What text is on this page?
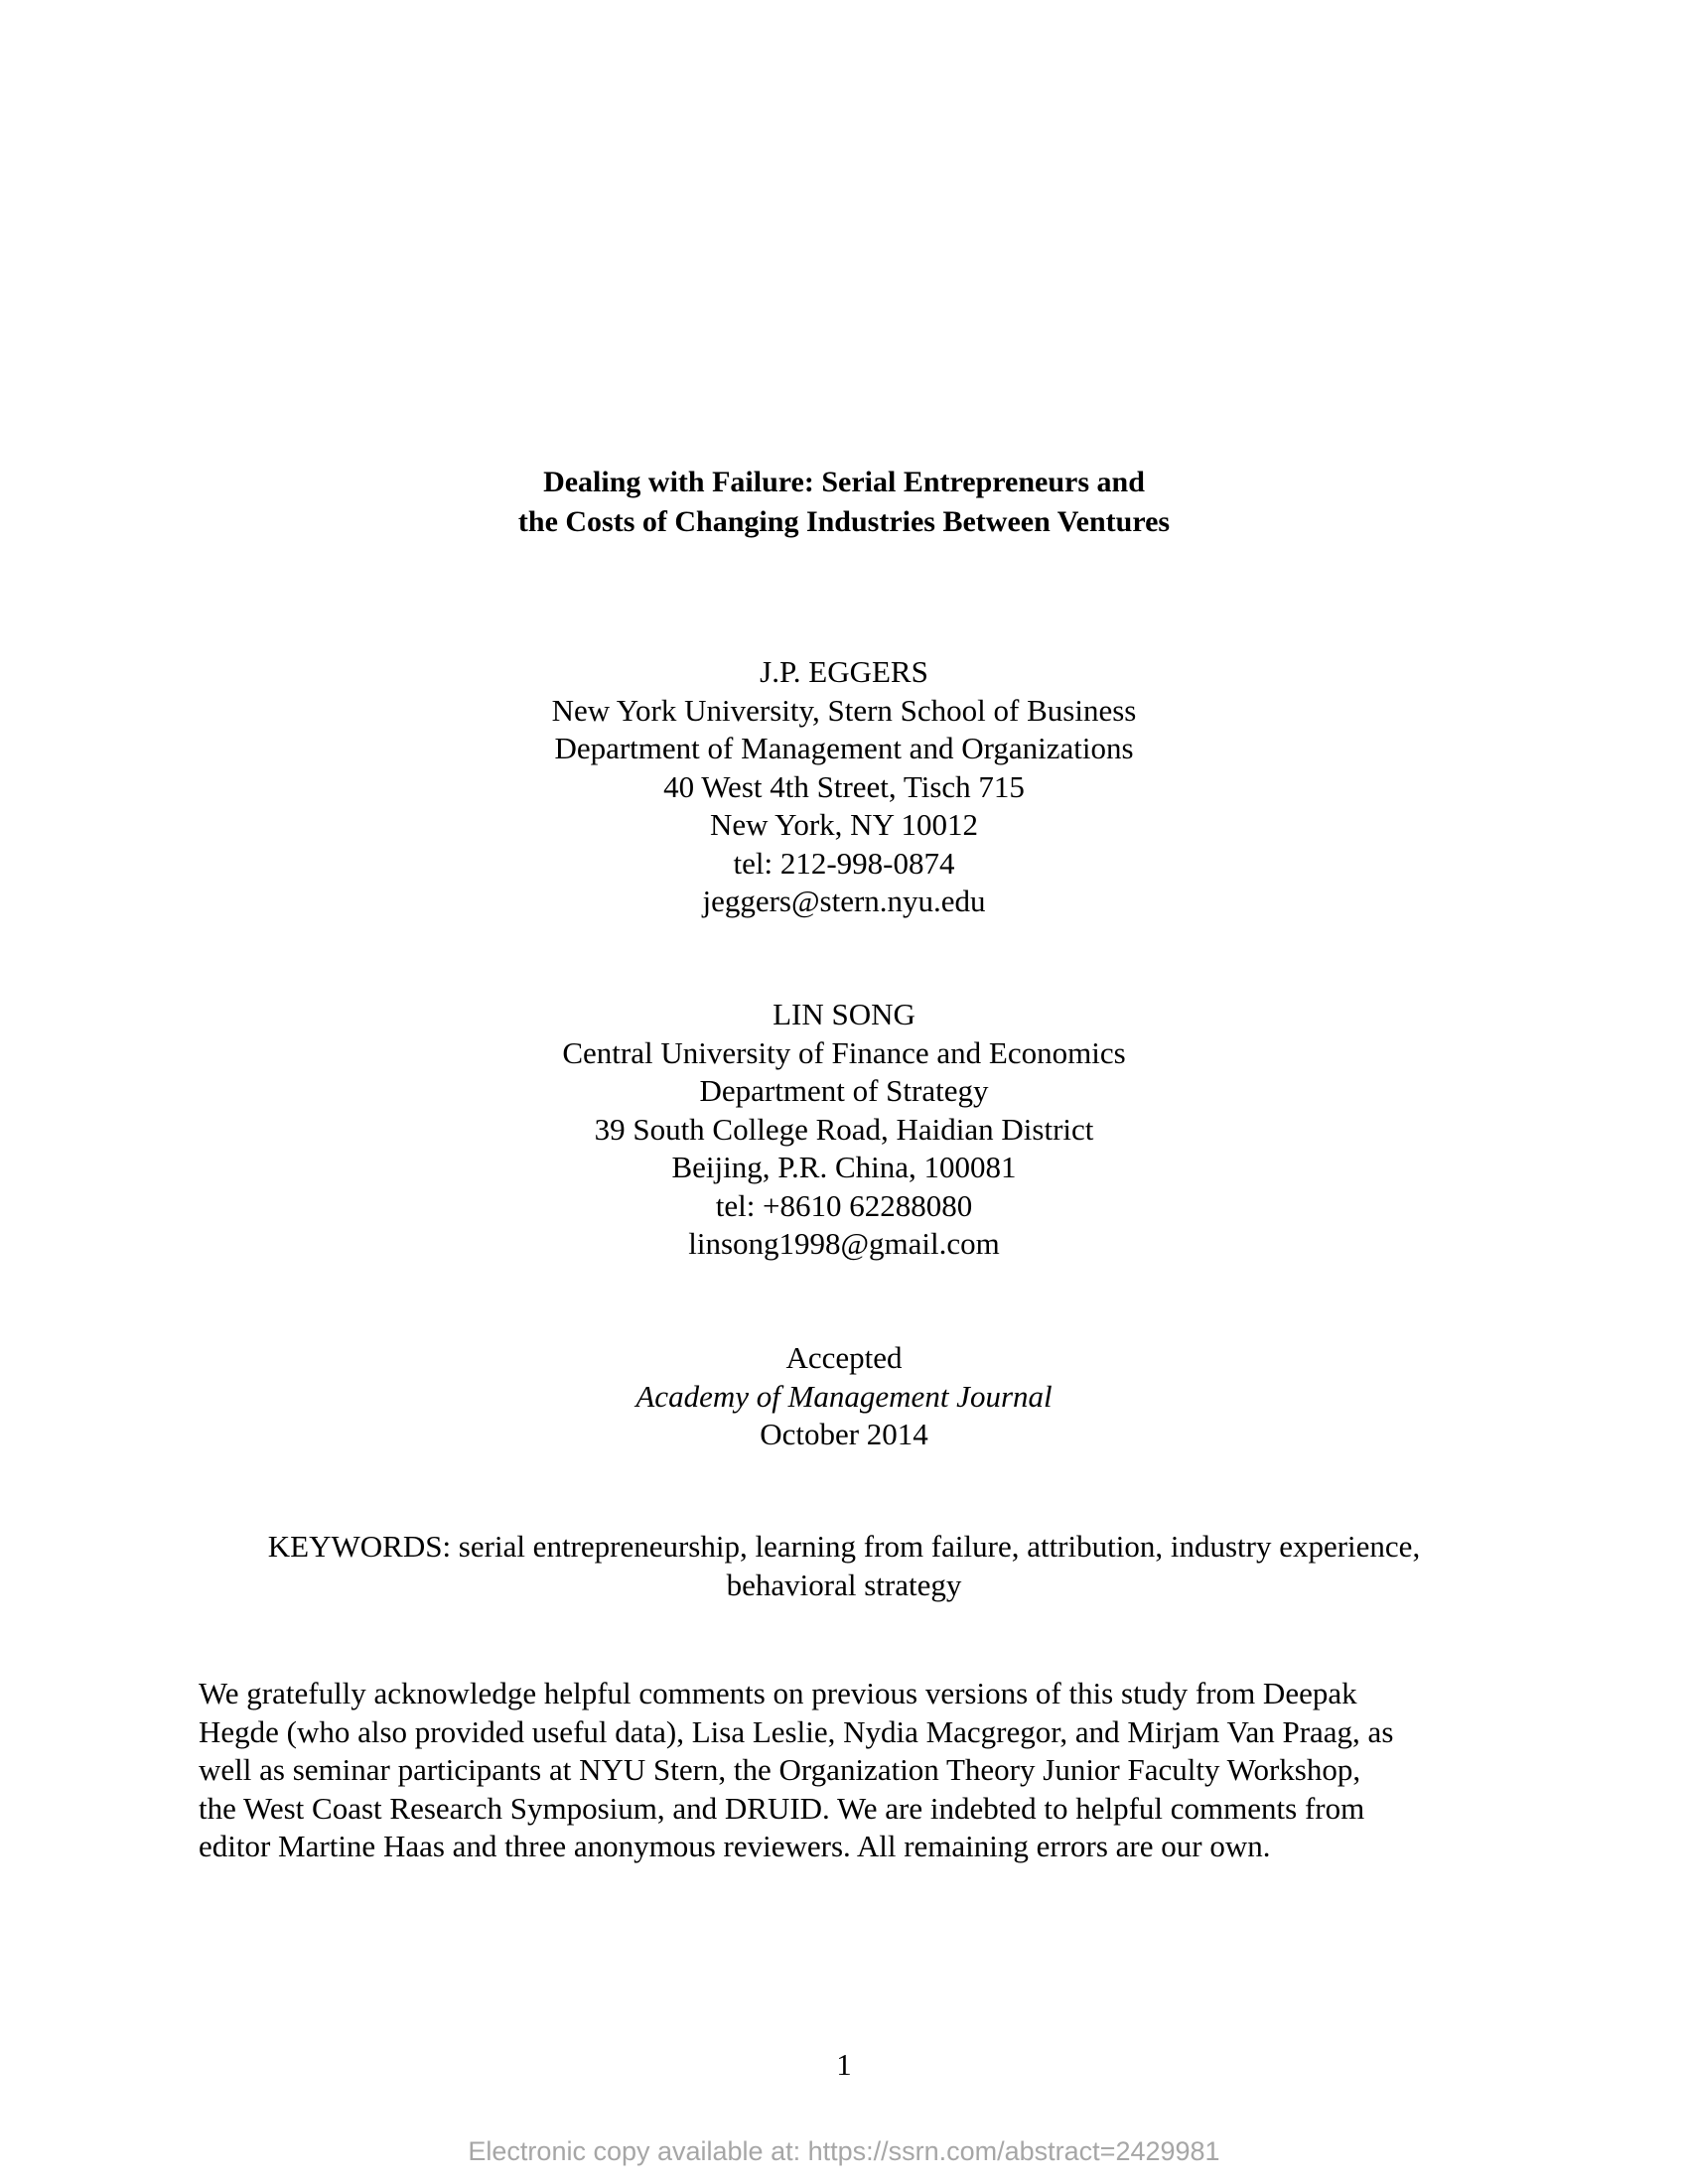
Dealing with Failure: Serial Entrepreneurs and
the Costs of Changing Industries Between Ventures
J.P. EGGERS
New York University, Stern School of Business
Department of Management and Organizations
40 West 4th Street, Tisch 715
New York, NY 10012
tel: 212-998-0874
jeggers@stern.nyu.edu
LIN SONG
Central University of Finance and Economics
Department of Strategy
39 South College Road, Haidian District
Beijing, P.R. China, 100081
tel: +8610 62288080
linsong1998@gmail.com
Accepted
Academy of Management Journal
October 2014
KEYWORDS: serial entrepreneurship, learning from failure, attribution, industry experience,
behavioral strategy
We gratefully acknowledge helpful comments on previous versions of this study from Deepak
Hegde (who also provided useful data), Lisa Leslie, Nydia Macgregor, and Mirjam Van Praag, as
well as seminar participants at NYU Stern, the Organization Theory Junior Faculty Workshop,
the West Coast Research Symposium, and DRUID. We are indebted to helpful comments from
editor Martine Haas and three anonymous reviewers. All remaining errors are our own.
1
Electronic copy available at: https://ssrn.com/abstract=2429981
